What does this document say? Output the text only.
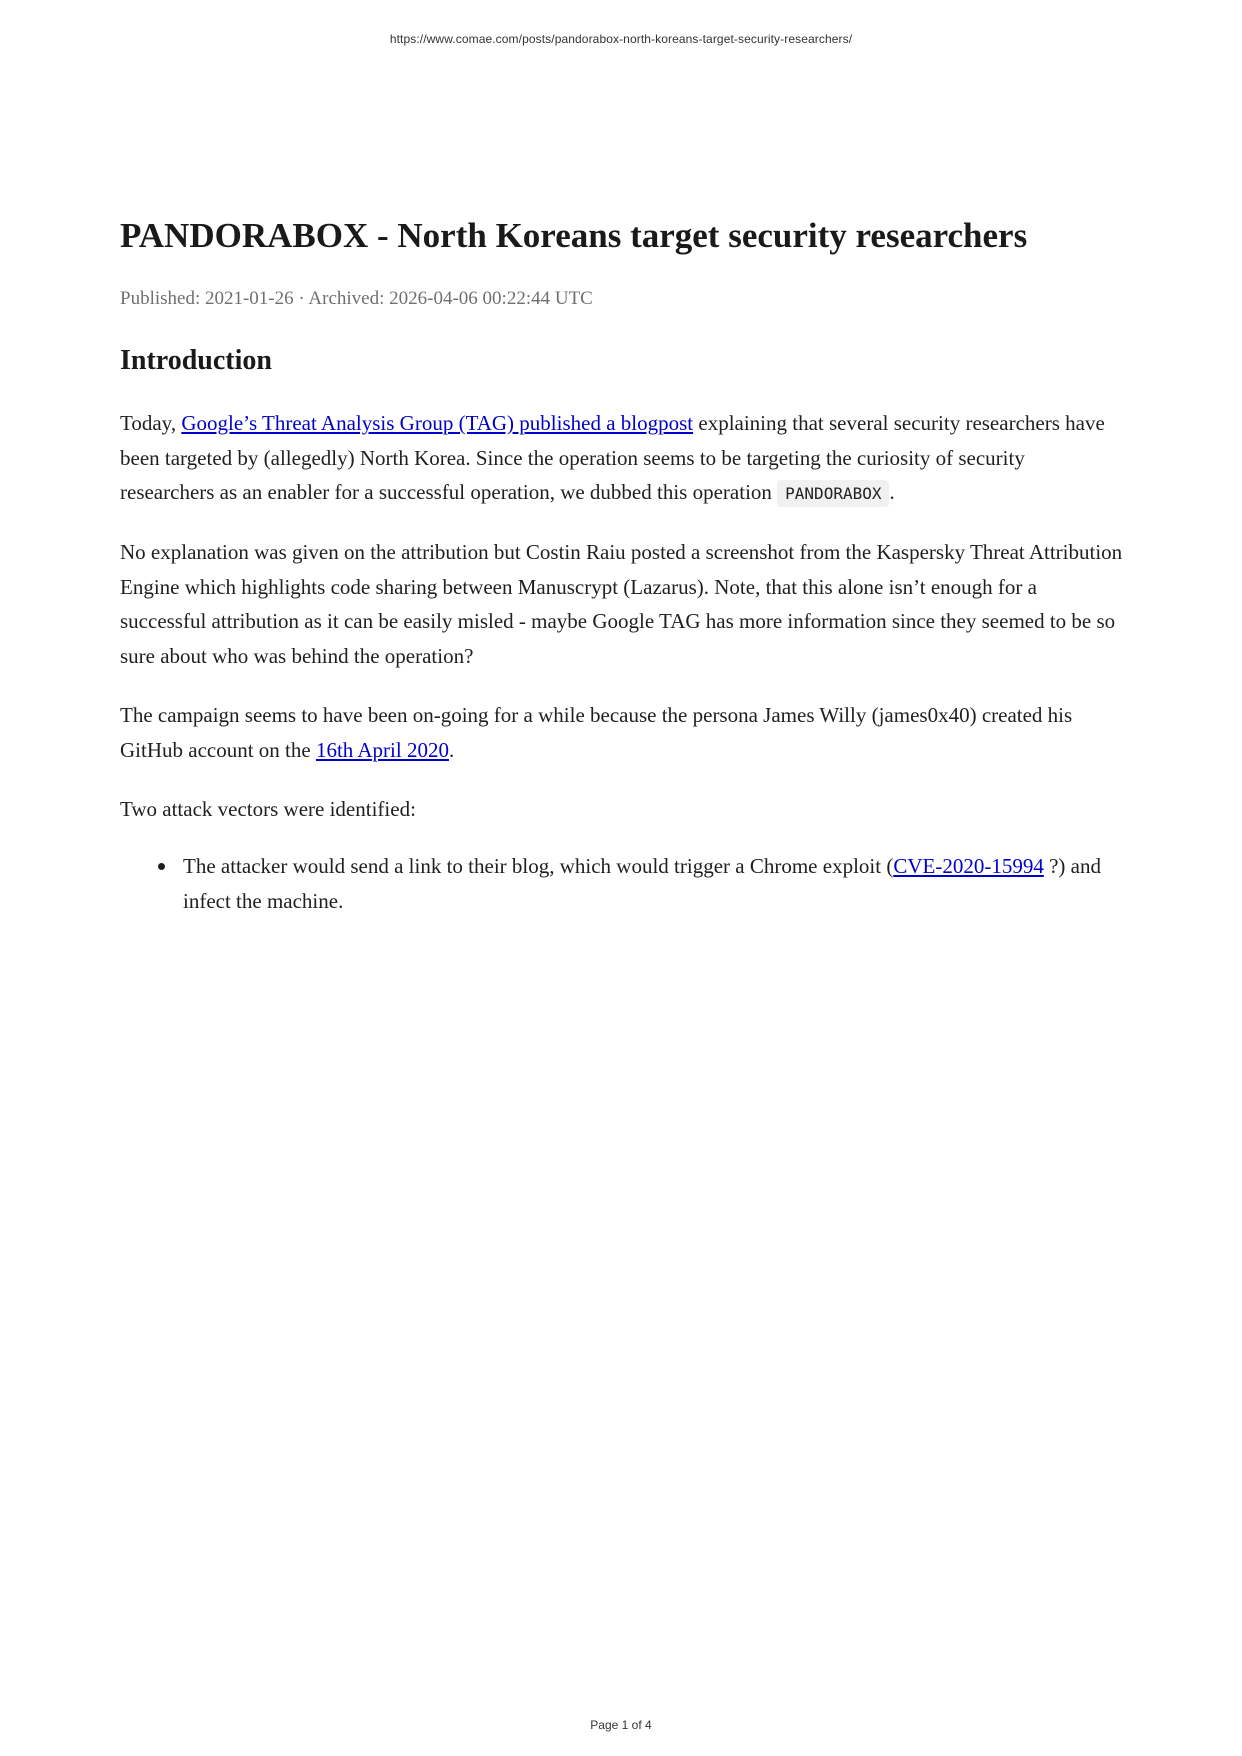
https://www.comae.com/posts/pandorabox-north-koreans-target-security-researchers/
PANDORABOX - North Koreans target security researchers
Published: 2021-01-26 · Archived: 2026-04-06 00:22:44 UTC
Introduction

Today, Google’s Threat Analysis Group (TAG) published a blogpost explaining that several security researchers have been targeted by (allegedly) North Korea. Since the operation seems to be targeting the curiosity of security researchers as an enabler for a successful operation, we dubbed this operation PANDORABOX .

No explanation was given on the attribution but Costin Raiu posted a screenshot from the Kaspersky Threat Attribution Engine which highlights code sharing between Manuscrypt (Lazarus). Note, that this alone isn’t enough for a successful attribution as it can be easily misled - maybe Google TAG has more information since they seemed to be so sure about who was behind the operation?

The campaign seems to have been on-going for a while because the persona James Willy (james0x40) created his GitHub account on the 16th April 2020.

Two attack vectors were identified:

The attacker would send a link to their blog, which would trigger a Chrome exploit (CVE-2020-15994 ?) and infect the machine.
Page 1 of 4
